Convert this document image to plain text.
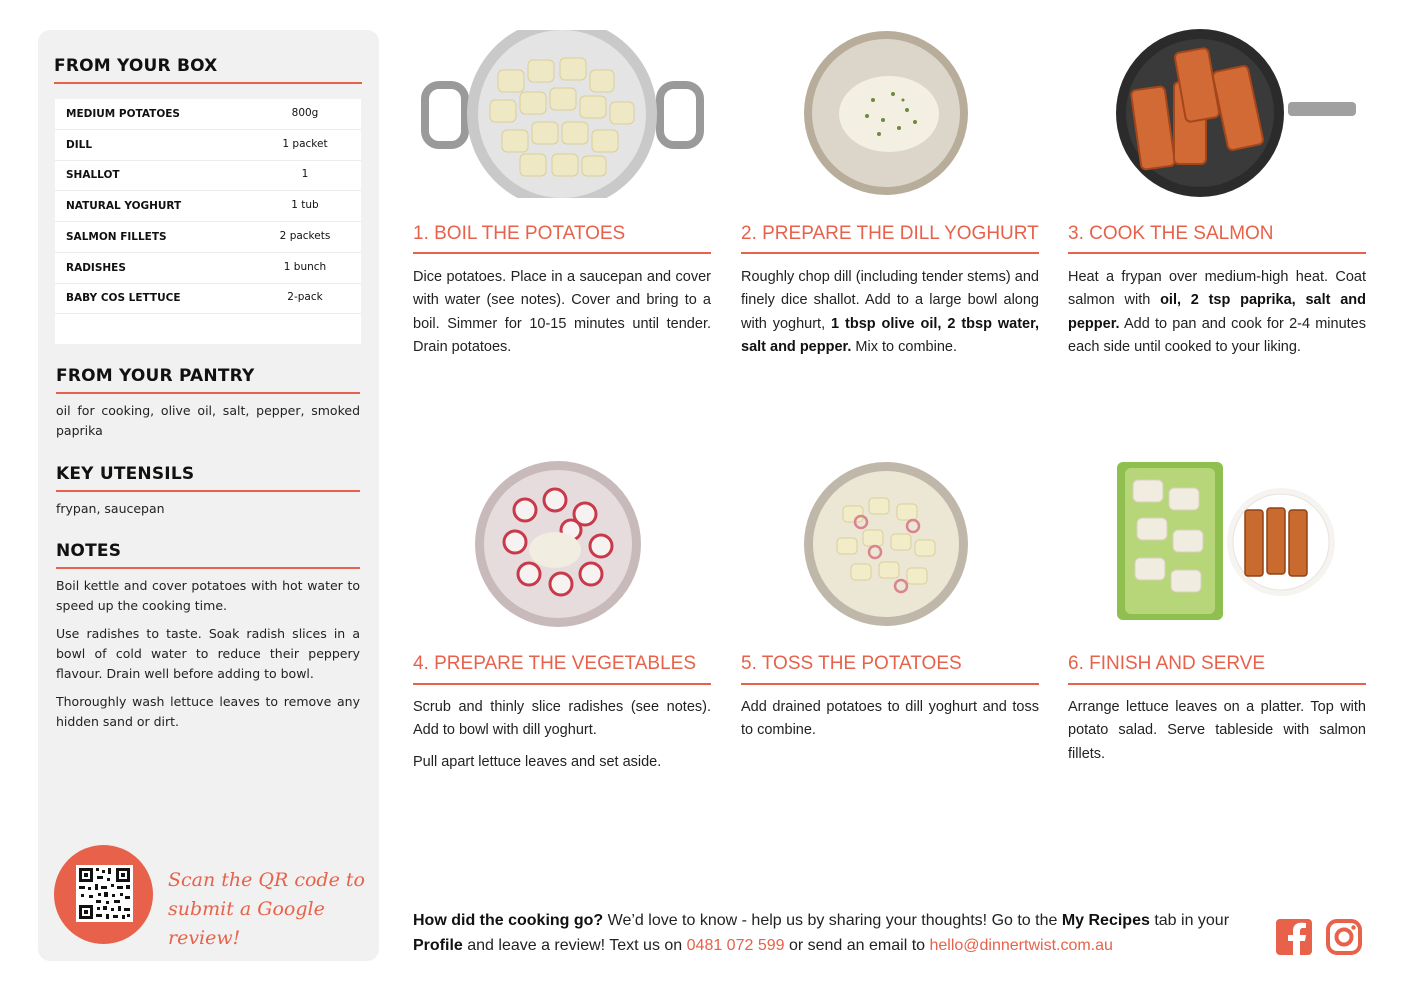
FROM YOUR BOX
MEDIUM POTATOES	800g
DILL	1 packet
SHALLOT	1
NATURAL YOGHURT	1 tub
SALMON FILLETS	2 packets
RADISHES	1 bunch
BABY COS LETTUCE	2-pack
FROM YOUR PANTRY
oil for cooking, olive oil, salt, pepper, smoked paprika
KEY UTENSILS
frypan, saucepan
NOTES
Boil kettle and cover potatoes with hot water to speed up the cooking time.
Use radishes to taste. Soak radish slices in a bowl of cold water to reduce their peppery flavour. Drain well before adding to bowl.
Thoroughly wash lettuce leaves to remove any hidden sand or dirt.
Scan the QR code to
submit a Google review!
1. BOIL THE POTATOES
Dice potatoes. Place in a saucepan and cover with water (see notes). Cover and bring to a boil. Simmer for 10-15 minutes until tender. Drain potatoes.
2. PREPARE THE DILL YOGHURT
Roughly chop dill (including tender stems) and finely dice shallot. Add to a large bowl along with yoghurt, 1 tbsp olive oil, 2 tbsp water, salt and pepper. Mix to combine.
3. COOK THE SALMON
Heat a frypan over medium-high heat. Coat salmon with oil, 2 tsp paprika, salt and pepper. Add to pan and cook for 2-4 minutes each side until cooked to your liking.
4. PREPARE THE VEGETABLES
Scrub and thinly slice radishes (see notes). Add to bowl with dill yoghurt.
Pull apart lettuce leaves and set aside.
5. TOSS THE POTATOES
Add drained potatoes to dill yoghurt and toss to combine.
6. FINISH AND SERVE
Arrange lettuce leaves on a platter. Top with potato salad. Serve tableside with salmon fillets.
How did the cooking go? We’d love to know - help us by sharing your thoughts! Go to the My Recipes tab in your Profile and leave a review! Text us on 0481 072 599 or send an email to hello@dinnertwist.com.au
